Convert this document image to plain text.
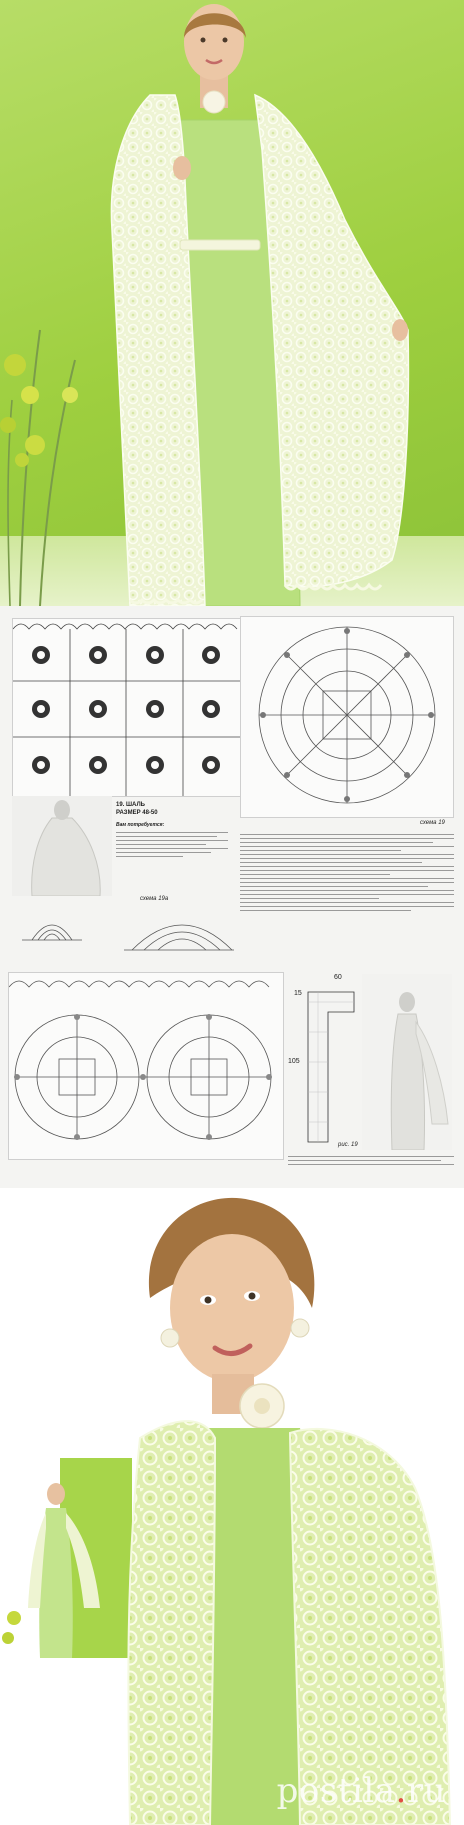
19. ШАЛЬ
РАЗМЕР 48-50
Вам потребуется:	схема 19
схема 19а
15
60
105
рис. 19
postila.ru
